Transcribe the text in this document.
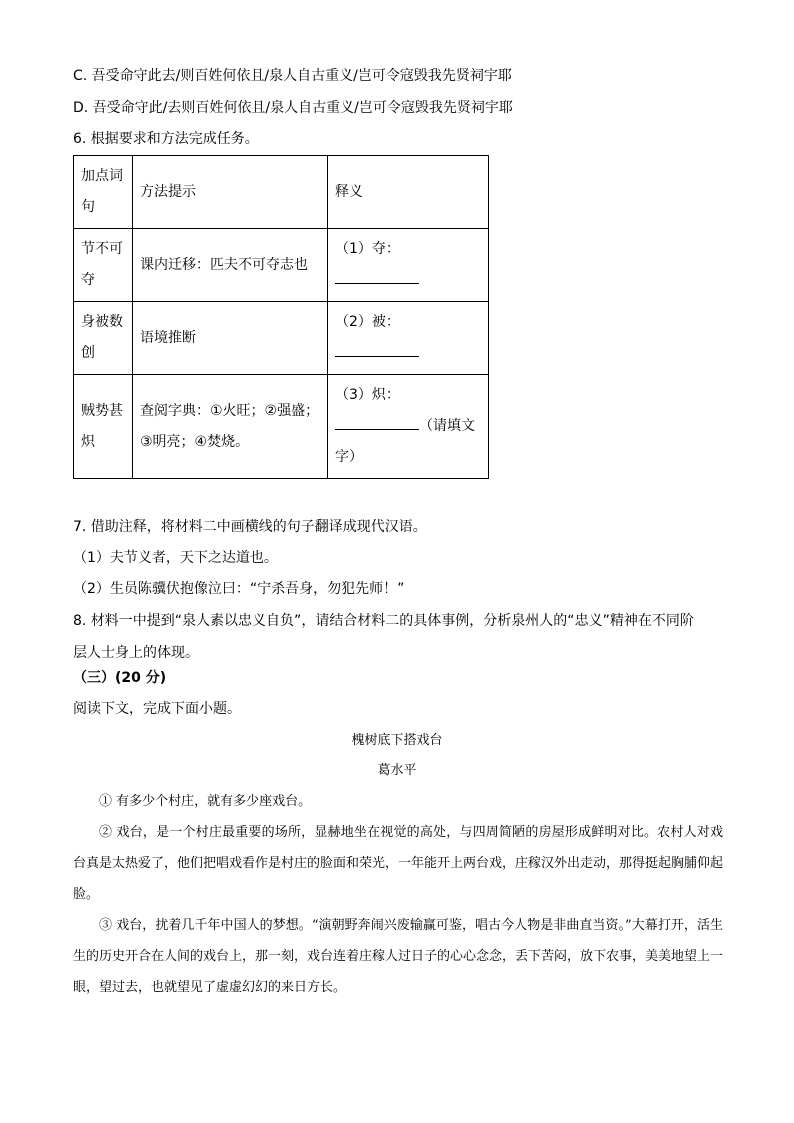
C. 吾受命守此去/则百姓何依且/泉人自古重义/岂可令寇毁我先贤祠宇耶
D. 吾受命守此/去则百姓何依且/泉人自古重义/岂可令寇毁我先贤祠宇耶
6. 根据要求和方法完成任务。
加点词句	方法提示	释义
节不可夺	课内迁移：匹夫不可夺志也	（1）夺：

身被数创	语境推断	（2）被：

贼势甚炽	查阅字典：①火旺；②强盛；③明亮；④焚烧。	（3）炽：
（请填文字）
7. 借助注释，将材料二中画横线的句子翻译成现代汉语。
（1）夫节义者，天下之达道也。
（2）生员陈骥伏抱像泣曰：“宁杀吾身，勿犯先师！”
8. 材料一中提到“泉人素以忠义自负”，请结合材料二的具体事例，分析泉州人的“忠义”精神在不同阶
层人士身上的体现。
（三）(20 分)
阅读下文，完成下面小题。
槐树底下搭戏台
葛水平
① 有多少个村庄，就有多少座戏台。
② 戏台，是一个村庄最重要的场所，显赫地坐在视觉的高处，与四周简陋的房屋形成鲜明对比。农村人对戏台真是太热爱了，他们把唱戏看作是村庄的脸面和荣光，一年能开上两台戏，庄稼汉外出走动，那得挺起胸脯仰起脸。
③ 戏台，扰着几千年中国人的梦想。“演朝野奔闹兴废输赢可鉴，唱古今人物是非曲直当资。”大幕打开，活生生的历史开合在人间的戏台上，那一刻，戏台连着庄稼人过日子的心心念念，丢下苦闷，放下农事，美美地望上一眼，望过去，也就望见了虚虚幻幻的来日方长。
